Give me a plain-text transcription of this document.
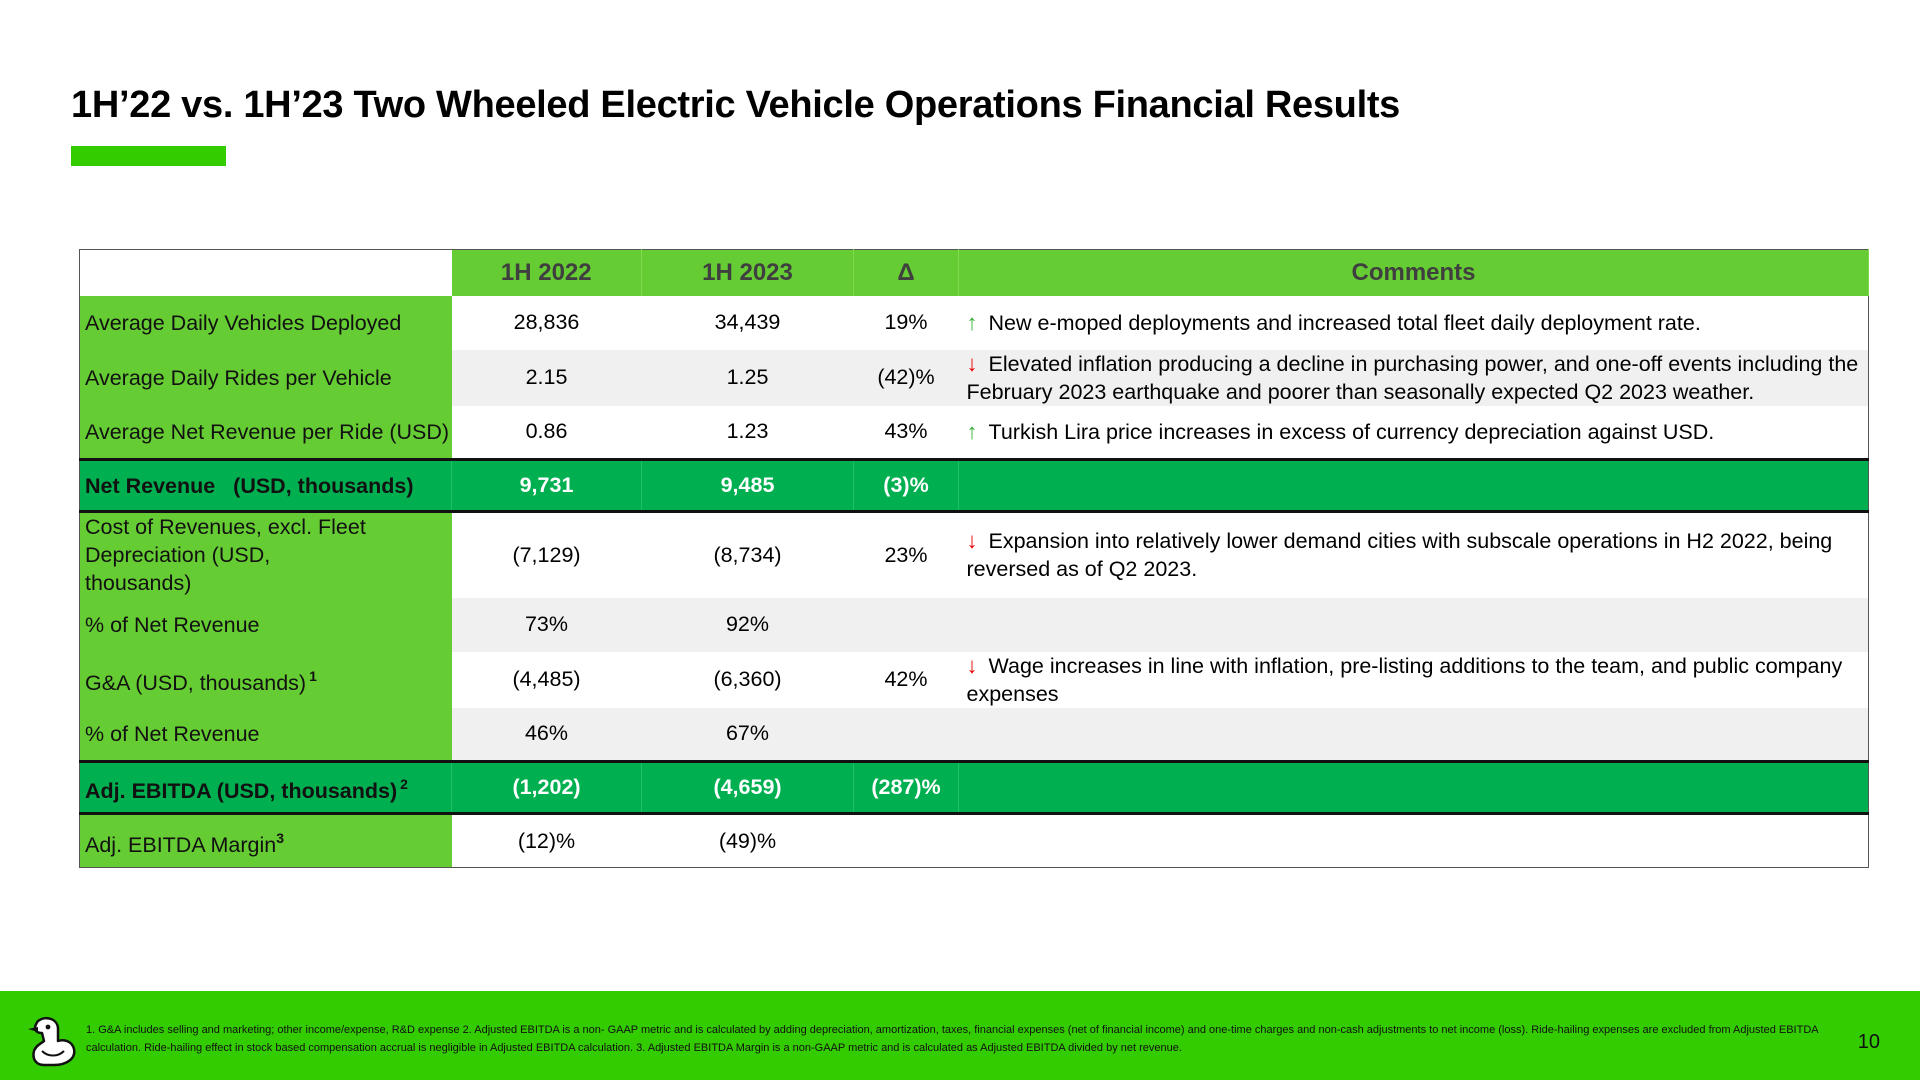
1H’22 vs. 1H’23 Two Wheeled Electric Vehicle Operations Financial Results
	1H 2022	1H 2023	Δ	Comments
Average Daily Vehicles Deployed	28,836	34,439	19%	↑ New e-moped deployments and increased total fleet daily deployment rate.
Average Daily Rides per Vehicle	2.15	1.25	(42)%	↓ Elevated inflation producing a decline in purchasing power, and one-off events including the February 2023 earthquake and poorer than seasonally expected Q2 2023 weather.
Average Net Revenue per Ride (USD)	0.86	1.23	43%	↑ Turkish Lira price increases in excess of currency depreciation against USD.
Net Revenue   (USD, thousands)	9,731	9,485	(3)%	
Cost of Revenues, excl. Fleet Depreciation (USD, thousands)	(7,129)	(8,734)	23%	↓ Expansion into relatively lower demand cities with subscale operations in H2 2022, being reversed as of Q2 2023.
% of Net Revenue	73%	92%		
G&A (USD, thousands) $^1$	(4,485)	(6,360)	42%	↓ Wage increases in line with inflation, pre-listing additions to the team, and public company expenses
% of Net Revenue	46%	67%		
Adj. EBITDA (USD, thousands) $^2$	(1,202)	(4,659)	(287)%	
Adj. EBITDA Margin$^3$	(12)%	(49)%		
1. G&A includes selling and marketing; other income/expense, R&D expense 2. Adjusted EBITDA is a non- GAAP metric and is calculated by adding depreciation, amortization, taxes, financial expenses (net of financial income) and one-time charges and non-cash adjustments to net income (loss). Ride-hailing expenses are excluded from Adjusted EBITDA calculation. Ride-hailing effect in stock based compensation accrual is negligible in Adjusted EBITDA calculation. 3. Adjusted EBITDA Margin is a non-GAAP metric and is calculated as Adjusted EBITDA divided by net revenue.	10
